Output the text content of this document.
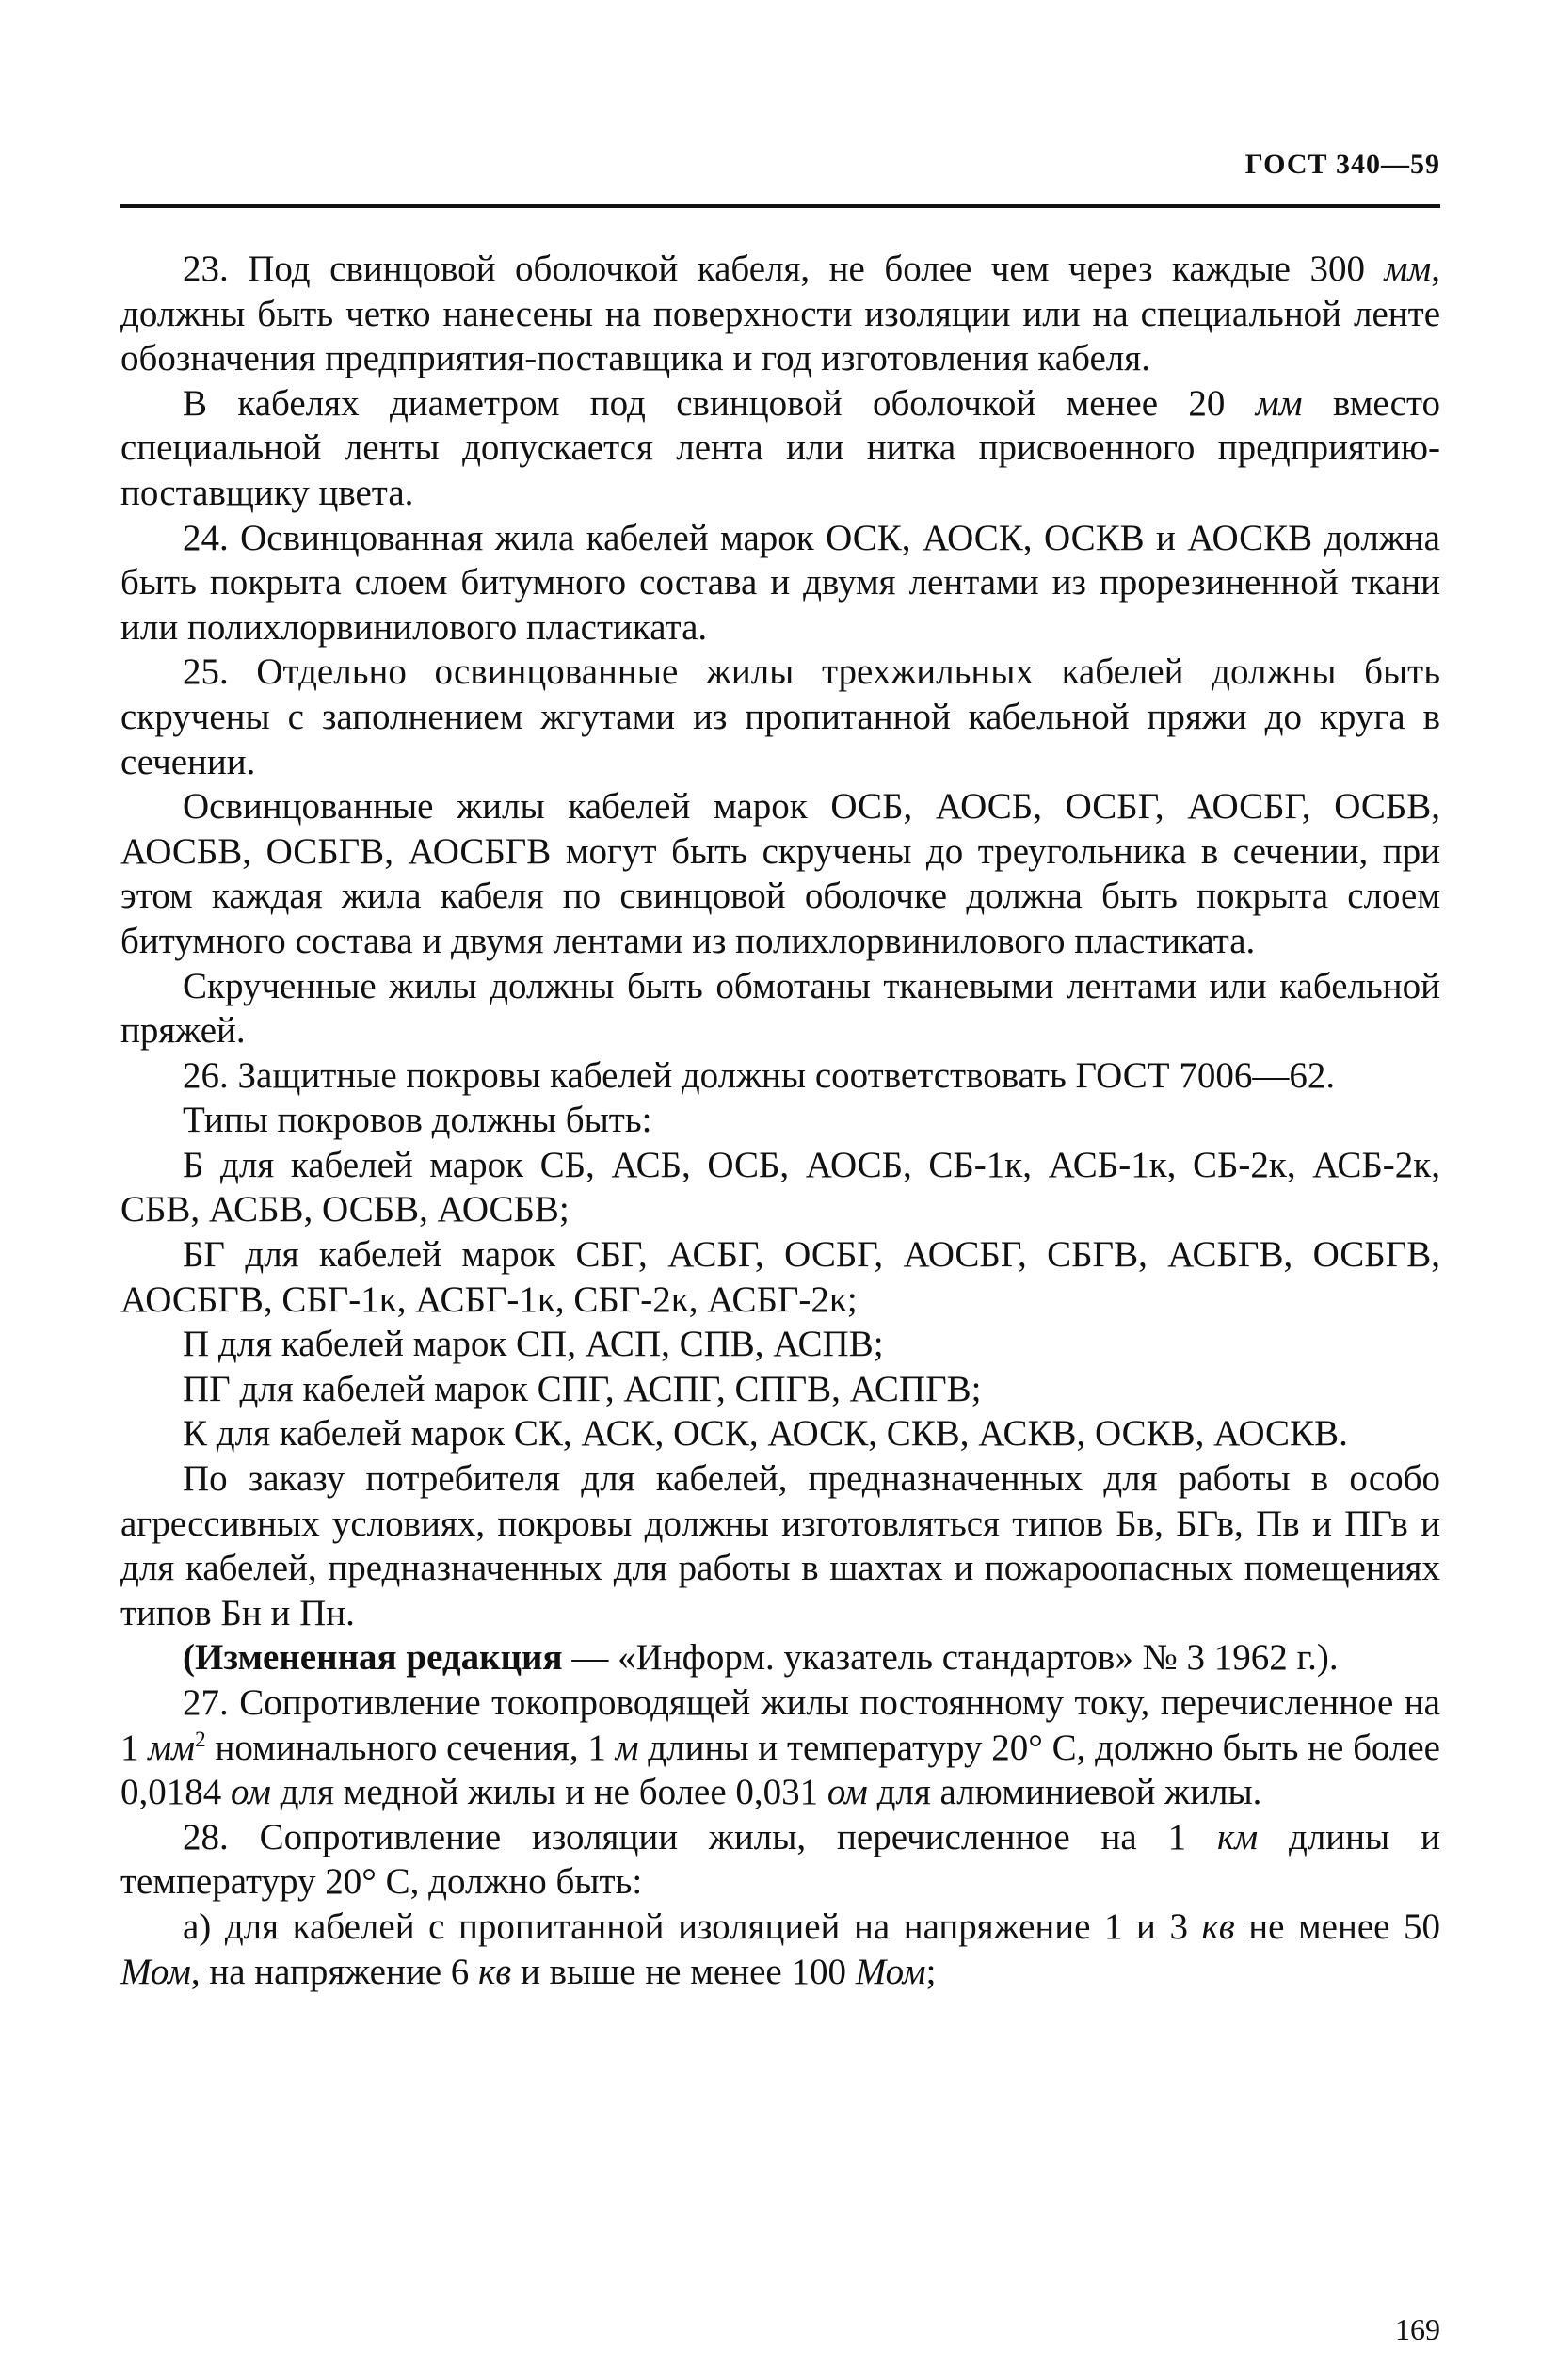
ГОСТ 340—59

23. Под свинцовой оболочкой кабеля, не более чем через каждые 300 мм, должны быть четко нанесены на поверхности изоляции или на специальной ленте обозначения предприятия-поставщика и год изготовления кабеля.

В кабелях диаметром под свинцовой оболочкой менее 20 мм вместо специальной ленты допускается лента или нитка присвоенного предприятию-поставщику цвета.

24. Освинцованная жила кабелей марок ОСК, АОСК, ОСКВ и АОСКВ должна быть покрыта слоем битумного состава и двумя лентами из прорезиненной ткани или полихлорвинилового пластиката.

25. Отдельно освинцованные жилы трехжильных кабелей должны быть скручены с заполнением жгутами из пропитанной кабельной пряжи до круга в сечении.

Освинцованные жилы кабелей марок ОСБ, АОСБ, ОСБГ, АОСБГ, ОСБВ, АОСБВ, ОСБГВ, АОСБГВ могут быть скручены до треугольника в сечении, при этом каждая жила кабеля по свинцовой оболочке должна быть покрыта слоем битумного состава и двумя лентами из полихлорвинилового пластиката.

Скрученные жилы должны быть обмотаны тканевыми лентами или кабельной пряжей.

26. Защитные покровы кабелей должны соответствовать ГОСТ 7006—62.

Типы покровов должны быть:

Б для кабелей марок СБ, АСБ, ОСБ, АОСБ, СБ-1к, АСБ-1к, СБ-2к, АСБ-2к, СБВ, АСБВ, ОСБВ, АОСБВ;

БГ для кабелей марок СБГ, АСБГ, ОСБГ, АОСБГ, СБГВ, АСБГВ, ОСБГВ, АОСБГВ, СБГ-1к, АСБГ-1к, СБГ-2к, АСБГ-2к;

П для кабелей марок СП, АСП, СПВ, АСПВ;

ПГ для кабелей марок СПГ, АСПГ, СПГВ, АСПГВ;

К для кабелей марок СК, АСК, ОСК, АОСК, СКВ, АСКВ, ОСКВ, АОСКВ.

По заказу потребителя для кабелей, предназначенных для работы в особо агрессивных условиях, покровы должны изготовляться типов Бв, БГв, Пв и ПГв и для кабелей, предназначенных для работы в шахтах и пожароопасных помещениях типов Бн и Пн.

(Измененная редакция — «Информ. указатель стандартов» № 3 1962 г.).

27. Сопротивление токопроводящей жилы постоянному току, перечисленное на 1 $мм^2$ номинального сечения, 1 м длины и температуру 20° С, должно быть не более 0,0184 ом для медной жилы и не более 0,031 ом для алюминиевой жилы.

28. Сопротивление изоляции жилы, перечисленное на 1 км длины и температуру 20° С, должно быть:

а) для кабелей с пропитанной изоляцией на напряжение 1 и 3 кв не менее 50 Мом, на напряжение 6 кв и выше не менее 100 Мом;

169
